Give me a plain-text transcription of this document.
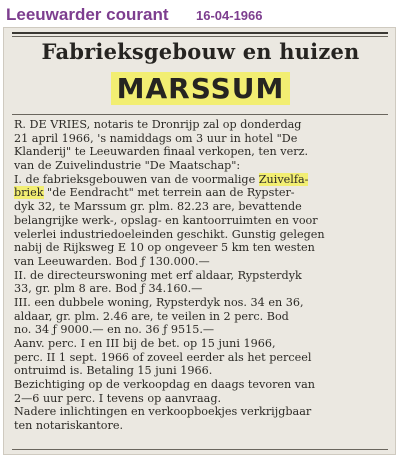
Leeuwarder courant 16-04-1966
Fabrieksgebouw en huizen
MARSSUM
R. DE VRIES, notaris te Dronrijp zal op donderdag
21 april 1966, 's namiddags om 3 uur in hotel "De
Klanderij" te Leeuwarden finaal verkopen, ten verz.
van de Zuivelindustrie "De Maatschap":
I. de fabrieksgebouwen van de voormalige Zuivelfa-
briek "de Eendracht" met terrein aan de Rypster-
dyk 32, te Marssum gr. plm. 82.23 are, bevattende
belangrijke werk-, opslag- en kantoorruimten en voor
velerlei industriedoeleinden geschikt. Gunstig gelegen
nabij de Rijksweg E 10 op ongeveer 5 km ten westen
van Leeuwarden. Bod ƒ 130.000.—
II. de directeurswoning met erf aldaar, Rypsterdyk
33, gr. plm 8 are. Bod ƒ 34.160.—
III. een dubbele woning, Rypsterdyk nos. 34 en 36,
aldaar, gr. plm. 2.46 are, te veilen in 2 perc. Bod
no. 34 ƒ 9000.— en no. 36 ƒ 9515.—
Aanv. perc. I en III bij de bet. op 15 juni 1966,
perc. II 1 sept. 1966 of zoveel eerder als het perceel
ontruimd is. Betaling 15 juni 1966.
Bezichtiging op de verkoopdag en daags tevoren van
2—6 uur perc. I tevens op aanvraag.
Nadere inlichtingen en verkoopboekjes verkrijgbaar
ten notariskantore.
